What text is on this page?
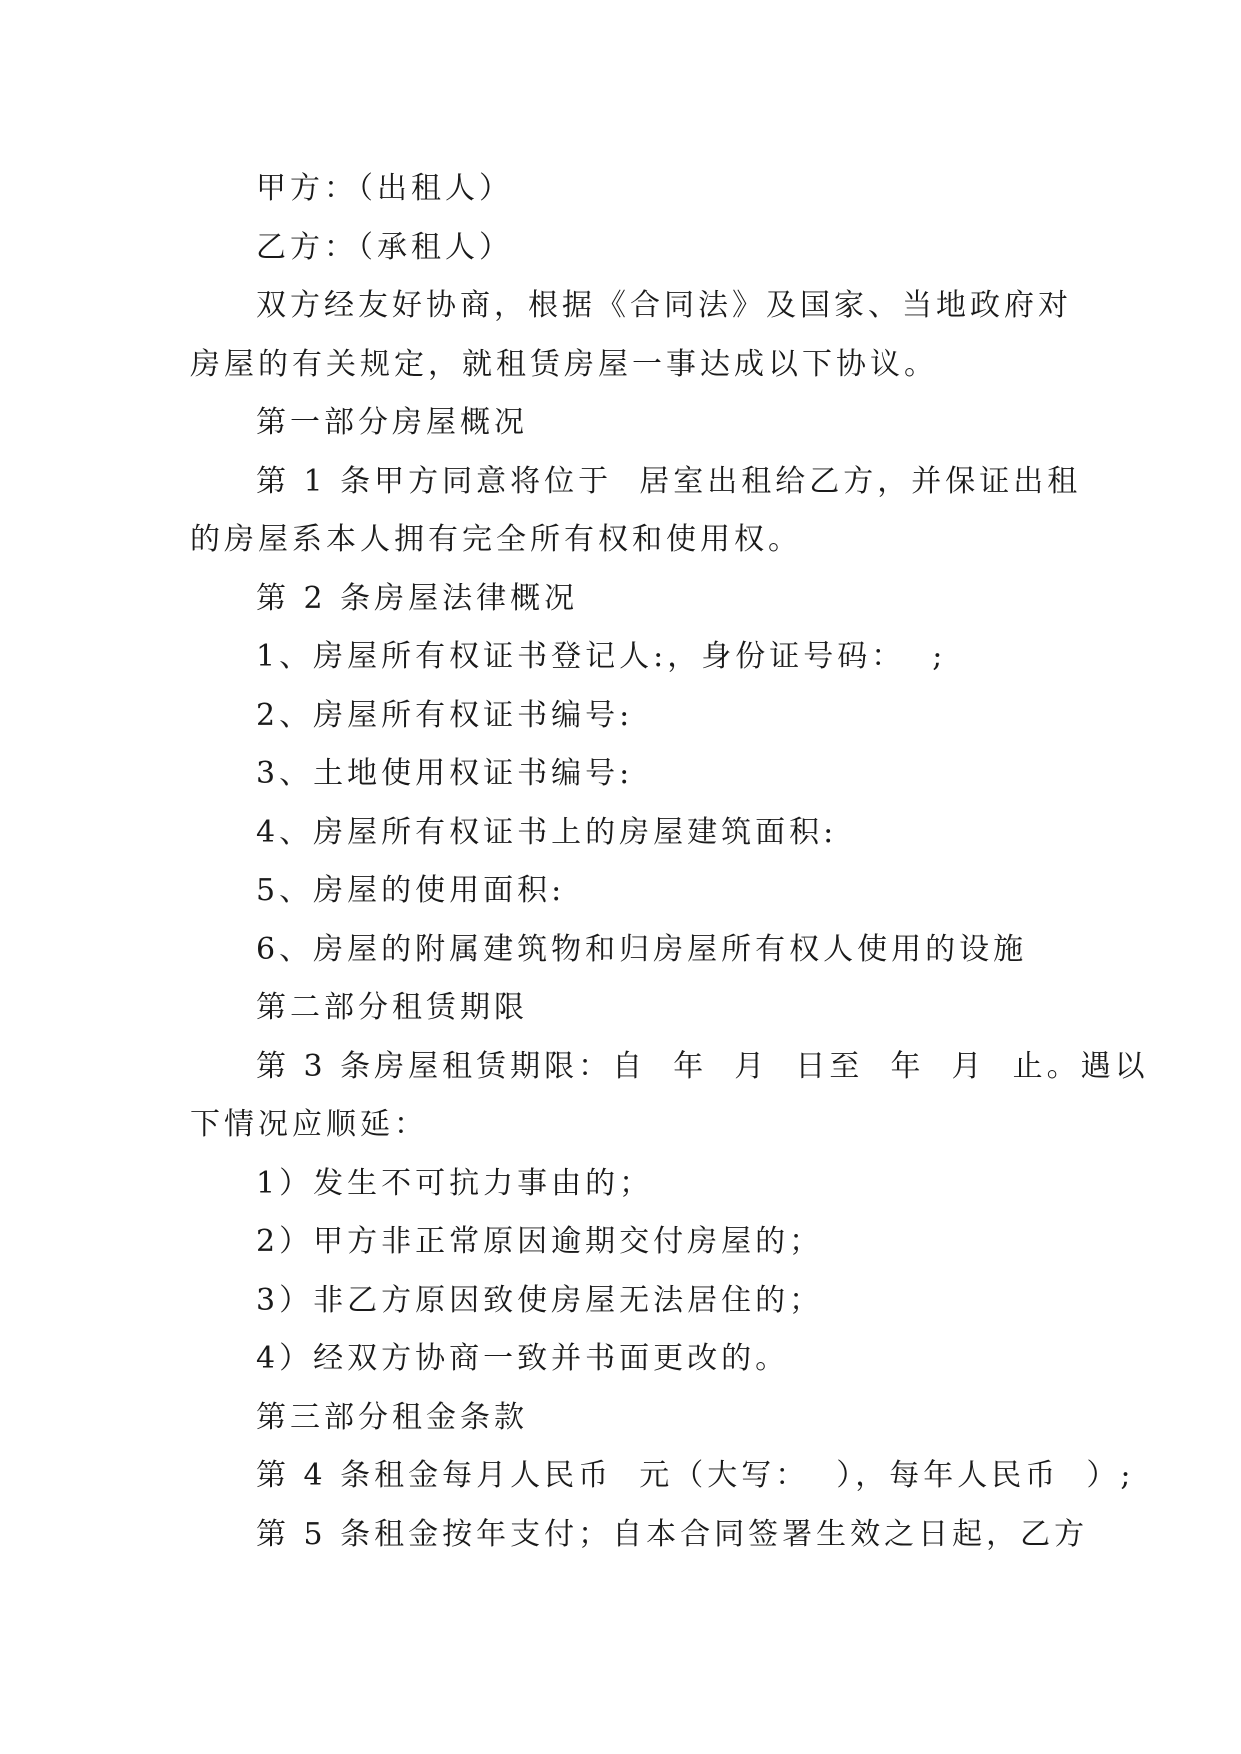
甲方：（出租人）
乙方：（承租人）
双方经友好协商，根据《合同法》及国家、当地政府对
房屋的有关规定，就租赁房屋一事达成以下协议。
第一部分房屋概况
第 1 条甲方同意将位于  居室出租给乙方，并保证出租
的房屋系本人拥有完全所有权和使用权。
第 2 条房屋法律概况
1、房屋所有权证书登记人:，身份证号码：  ;
2、房屋所有权证书编号:
3、土地使用权证书编号:
4、房屋所有权证书上的房屋建筑面积:
5、房屋的使用面积:
6、房屋的附属建筑物和归房屋所有权人使用的设施
第二部分租赁期限
第 3 条房屋租赁期限：自  年  月  日至  年  月  止。遇以
下情况应顺延：
1）发生不可抗力事由的；
2）甲方非正常原因逾期交付房屋的；
3）非乙方原因致使房屋无法居住的；
4）经双方协商一致并书面更改的。
第三部分租金条款
第 4 条租金每月人民币  元（大写：  ），每年人民币  ）;
第 5 条租金按年支付；自本合同签署生效之日起，乙方
